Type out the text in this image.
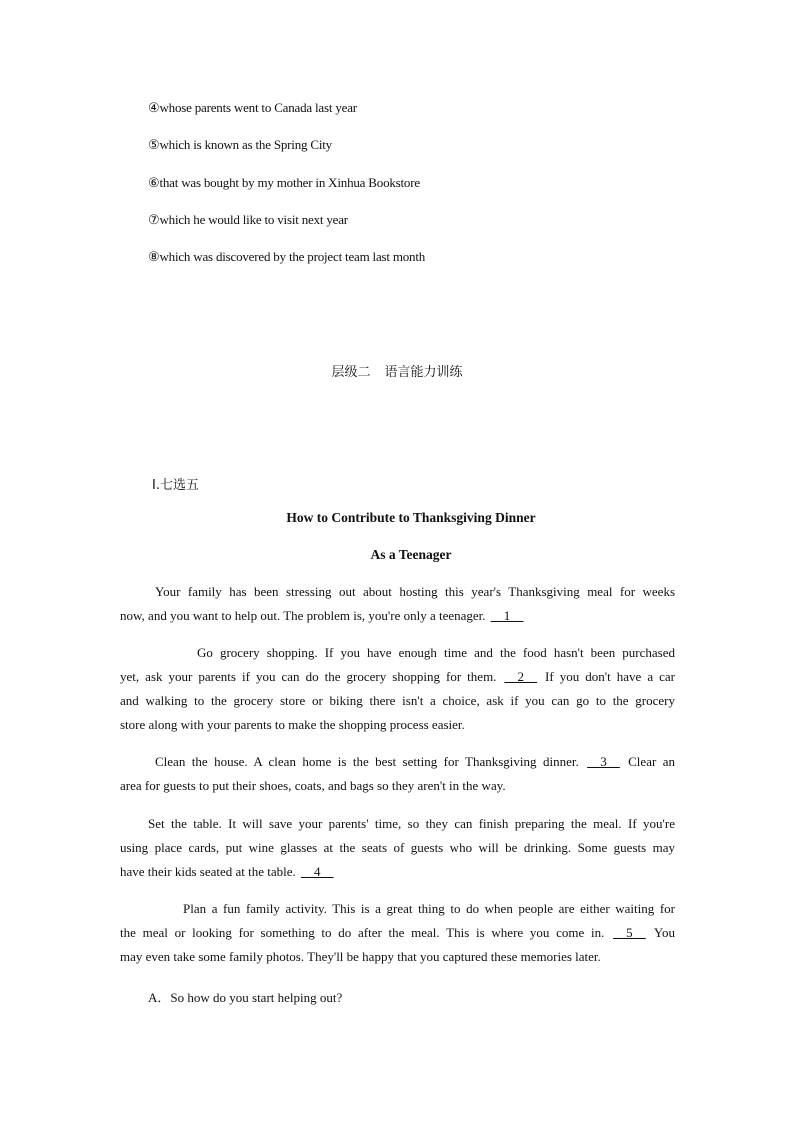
④whose parents went to Canada last year
⑤which is known as the Spring City
⑥that was bought by my mother in Xinhua Bookstore
⑦which he would like to visit next year
⑧which was discovered by the project team last month
层级二 语言能力训练
Ⅰ.七选五
How to Contribute to Thanksgiving Dinner
As a Teenager
Your family has been stressing out about hosting this year's Thanksgiving meal for weeks
now, and you want to help out. The problem is, you're only a teenager. __1__
Go grocery shopping. If you have enough time and the food hasn't been purchased
yet, ask your parents if you can do the grocery shopping for them. __2__ If you don't have a car
and walking to the grocery store or biking there isn't a choice, ask if you can go to the grocery
store along with your parents to make the shopping process easier.
Clean the house. A clean home is the best setting for Thanksgiving dinner. __3__ Clear an
area for guests to put their shoes, coats, and bags so they aren't in the way.
Set the table. It will save your parents' time, so they can finish preparing the meal. If you're
using place cards, put wine glasses at the seats of guests who will be drinking. Some guests may
have their kids seated at the table. __4__
Plan a fun family activity. This is a great thing to do when people are either waiting for
the meal or looking for something to do after the meal. This is where you come in. __5__ You
may even take some family photos. They'll be happy that you captured these memories later.
A．So how do you start helping out?
